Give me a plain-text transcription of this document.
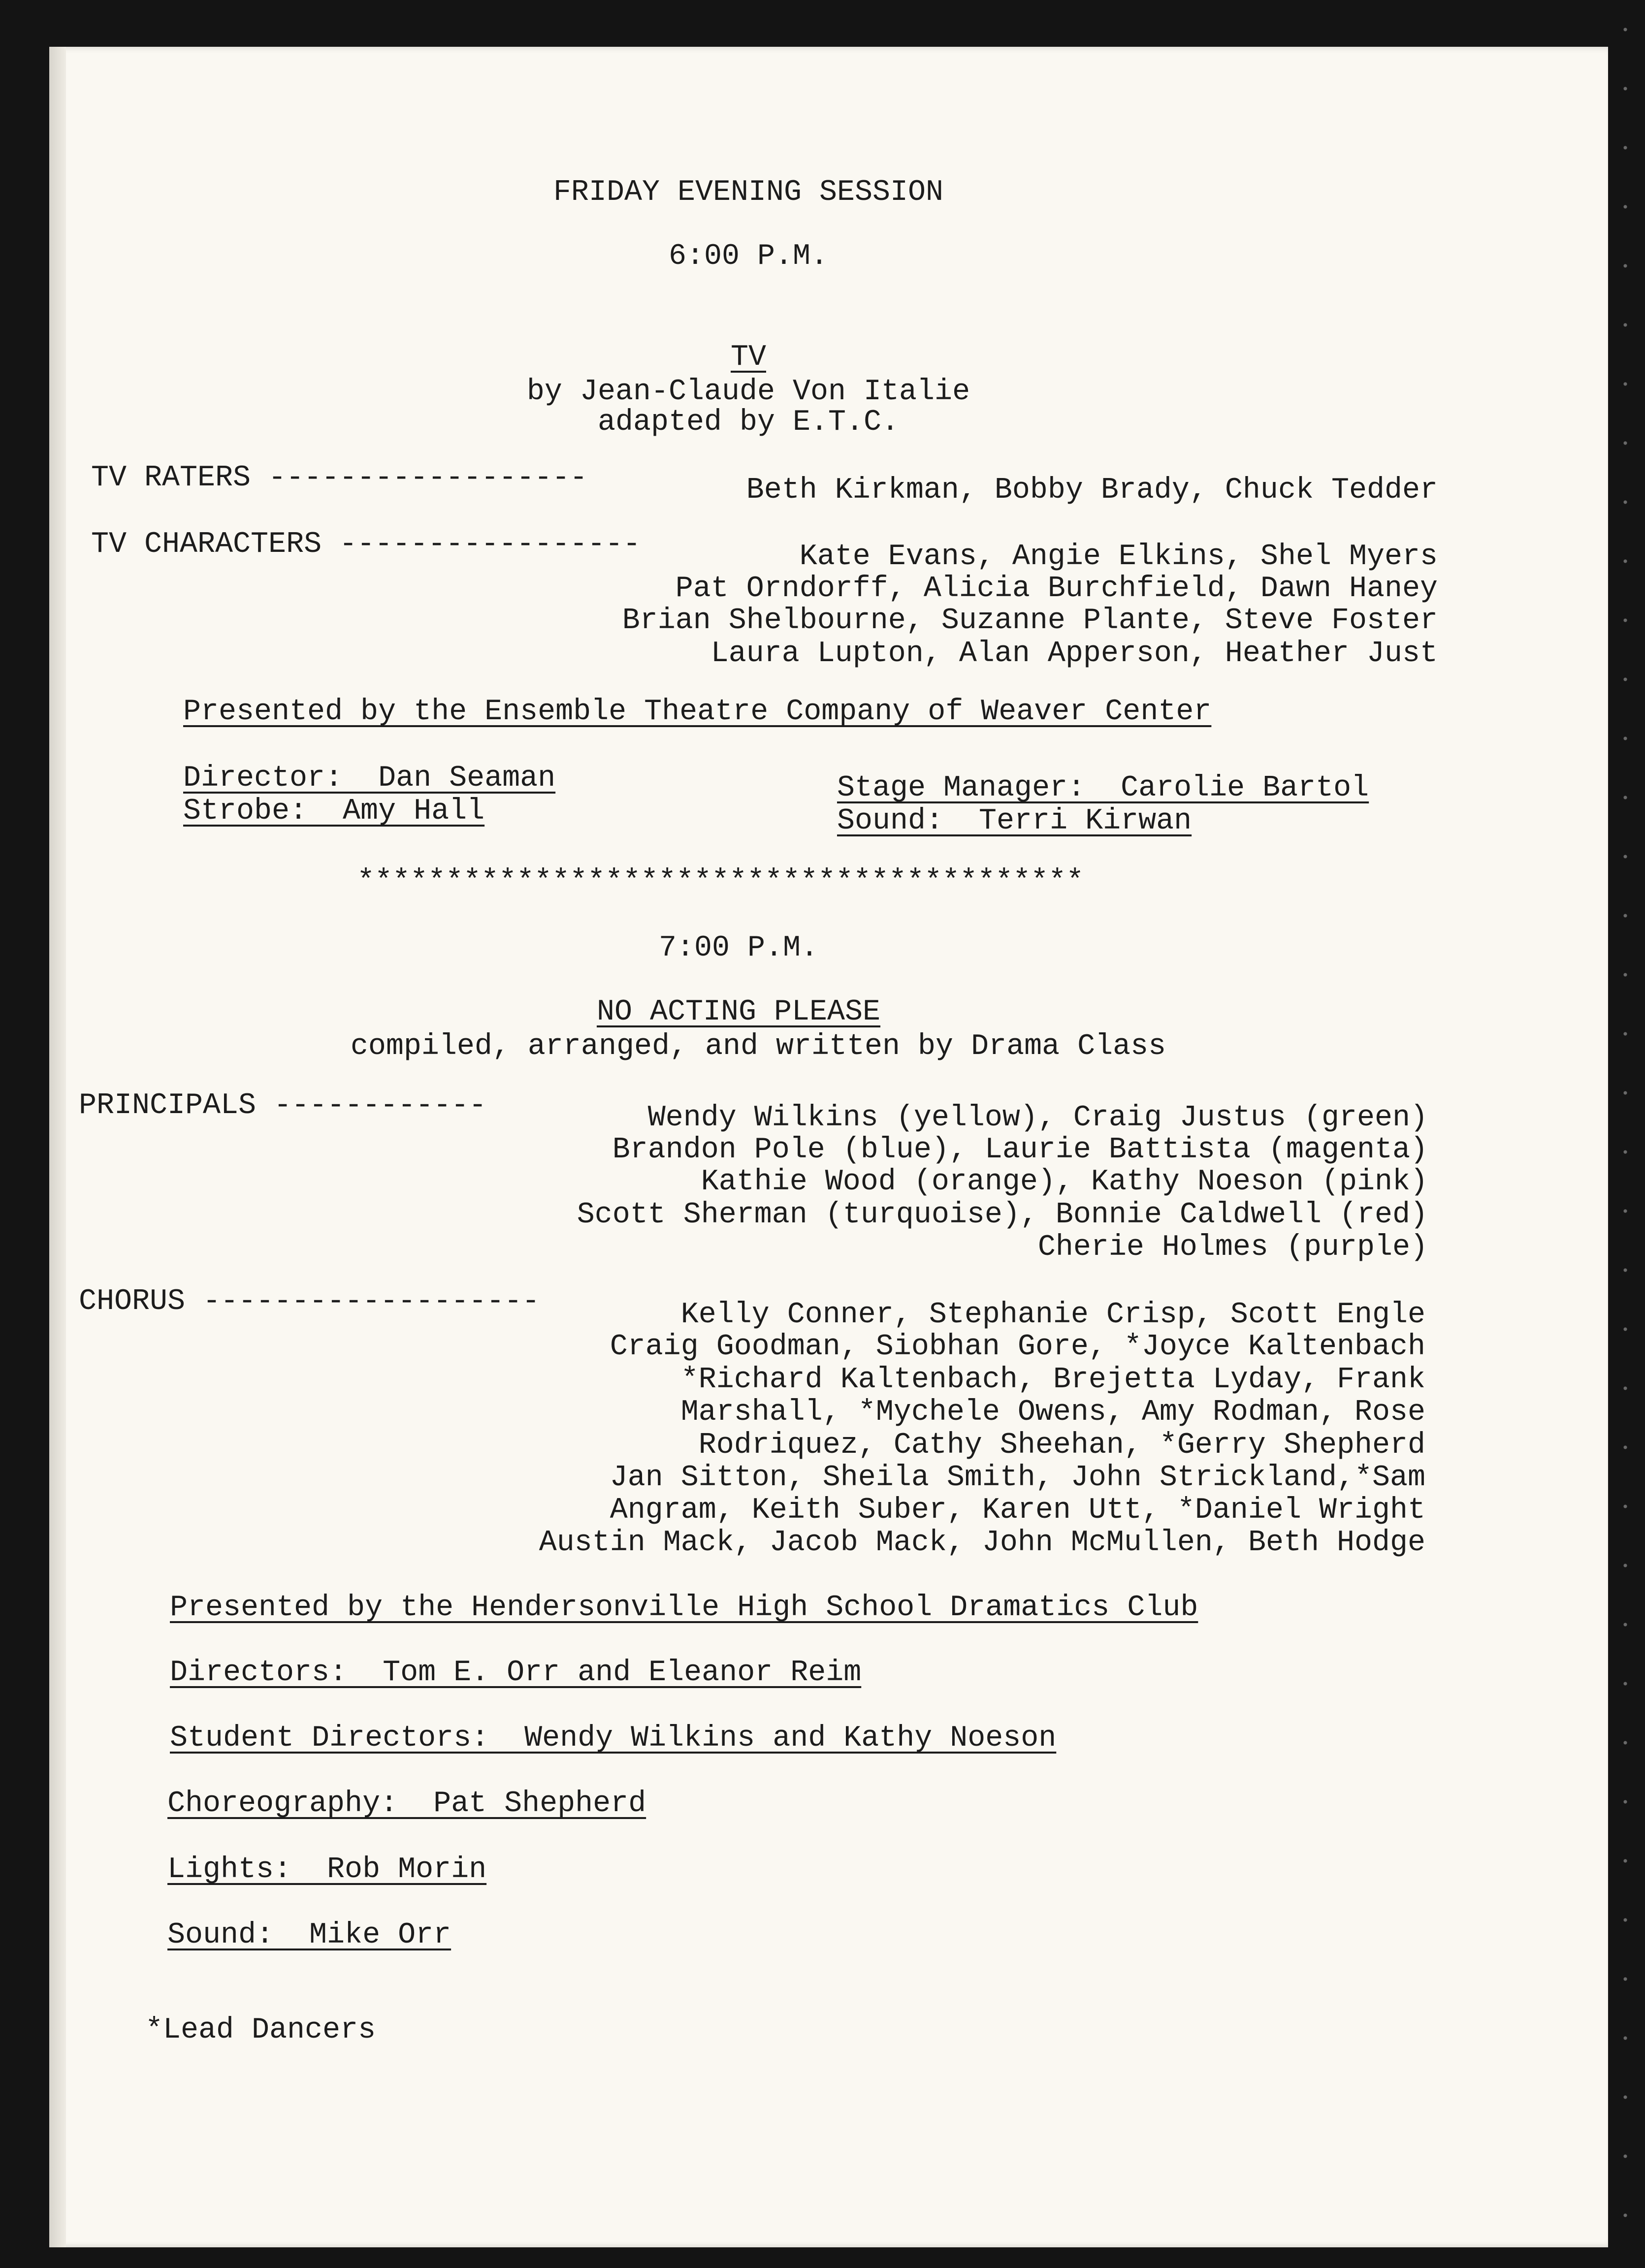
FRIDAY EVENING SESSION
6:00 P.M.
TV
by Jean-Claude Von Italie
adapted by E.T.C.
TV RATERS ------------------	Beth Kirkman, Bobby Brady, Chuck Tedder
TV CHARACTERS -----------------	Kate Evans, Angie Elkins, Shel Myers
Pat Orndorff, Alicia Burchfield, Dawn Haney
Brian Shelbourne, Suzanne Plante, Steve Foster
Laura Lupton, Alan Apperson, Heather Just
Presented by the Ensemble Theatre Company of Weaver Center
Director:  Dan Seaman
Strobe:  Amy Hall
Stage Manager:  Carolie Bartol
Sound:  Terri Kirwan
*****************************************
7:00 P.M.
NO ACTING PLEASE
compiled, arranged, and written by Drama Class
PRINCIPALS ------------	Wendy Wilkins (yellow), Craig Justus (green)
Brandon Pole (blue), Laurie Battista (magenta)
Kathie Wood (orange), Kathy Noeson (pink)
Scott Sherman (turquoise), Bonnie Caldwell (red)
Cherie Holmes (purple)
CHORUS -------------------	Kelly Conner, Stephanie Crisp, Scott Engle
Craig Goodman, Siobhan Gore, *Joyce Kaltenbach
*Richard Kaltenbach, Brejetta Lyday, Frank
Marshall, *Mychele Owens, Amy Rodman, Rose
Rodriquez, Cathy Sheehan, *Gerry Shepherd
Jan Sitton, Sheila Smith, John Strickland,*Sam
Angram, Keith Suber, Karen Utt, *Daniel Wright
Austin Mack, Jacob Mack, John McMullen, Beth Hodge
Presented by the Hendersonville High School Dramatics Club
Directors:  Tom E. Orr and Eleanor Reim
Student Directors:  Wendy Wilkins and Kathy Noeson
Choreography:  Pat Shepherd
Lights:  Rob Morin
Sound:  Mike Orr
*Lead Dancers
